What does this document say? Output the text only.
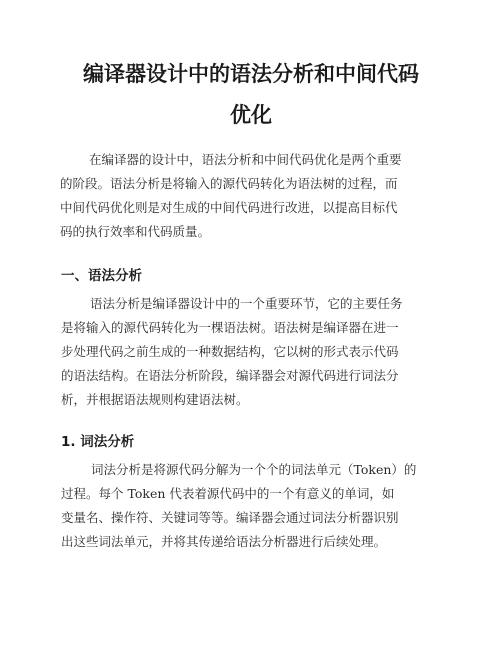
编译器设计中的语法分析和中间代码
优化
在编译器的设计中，语法分析和中间代码优化是两个重要
的阶段。语法分析是将输入的源代码转化为语法树的过程，而
中间代码优化则是对生成的中间代码进行改进，以提高目标代
码的执行效率和代码质量。
一、语法分析
语法分析是编译器设计中的一个重要环节，它的主要任务
是将输入的源代码转化为一棵语法树。语法树是编译器在进一
步处理代码之前生成的一种数据结构，它以树的形式表示代码
的语法结构。在语法分析阶段，编译器会对源代码进行词法分
析，并根据语法规则构建语法树。
1. 词法分析
词法分析是将源代码分解为一个个的词法单元（Token）的
过程。每个 Token 代表着源代码中的一个有意义的单词，如
变量名、操作符、关键词等等。编译器会通过词法分析器识别
出这些词法单元，并将其传递给语法分析器进行后续处理。
